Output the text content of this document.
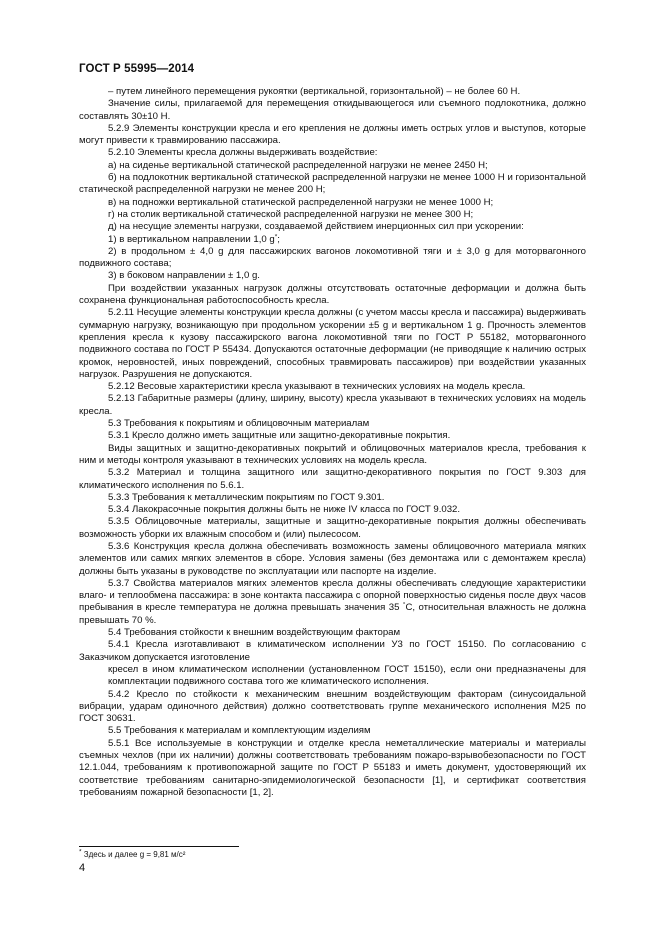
ГОСТ Р 55995—2014

– путем линейного перемещения рукоятки (вертикальной, горизонтальной) – не более 60 Н.

Значение силы, прилагаемой для перемещения откидывающегося или съемного подлокотника, должно составлять 30±10 Н.

5.2.9 Элементы конструкции кресла и его крепления не должны иметь острых углов и выступов, которые могут привести к травмированию пассажира.

5.2.10 Элементы кресла должны выдерживать воздействие:

а) на сиденье вертикальной статической распределенной нагрузки не менее 2450 Н;

б) на подлокотник вертикальной статической распределенной нагрузки не менее 1000 Н и горизонтальной статической распределенной нагрузки не менее 200 Н;

в) на подножки вертикальной статической распределенной нагрузки не менее 1000 Н;

г) на столик вертикальной статической распределенной нагрузки не менее 300 Н;

д) на несущие элементы нагрузки, создаваемой действием инерционных сил при ускорении:

1) в вертикальном направлении 1,0 g*;

2) в продольном ± 4,0 g для пассажирских вагонов локомотивной тяги и ± 3,0 g для моторвагонного подвижного состава;

3) в боковом направлении ± 1,0 g.

При воздействии указанных нагрузок должны отсутствовать остаточные деформации и должна быть сохранена функциональная работоспособность кресла.

5.2.11 Несущие элементы конструкции кресла должны (с учетом массы кресла и пассажира) выдерживать суммарную нагрузку, возникающую при продольном ускорении ±5 g и вертикальном 1 g. Прочность элементов крепления кресла к кузову пассажирского вагона локомотивной тяги по ГОСТ Р 55182, моторвагонного подвижного состава по ГОСТ Р 55434. Допускаются остаточные деформации (не приводящие к наличию острых кромок, неровностей, иных повреждений, способных травмировать пассажиров) при воздействии указанных нагрузок. Разрушения не допускаются.

5.2.12 Весовые характеристики кресла указывают в технических условиях на модель кресла.

5.2.13 Габаритные размеры (длину, ширину, высоту) кресла указывают в технических условиях на модель кресла.

5.3 Требования к покрытиям и облицовочным материалам

5.3.1 Кресло должно иметь защитные или защитно-декоративные покрытия.

Виды защитных и защитно-декоративных покрытий и облицовочных материалов кресла, требования к ним и методы контроля указывают в технических условиях на модель кресла.

5.3.2 Материал и толщина защитного или защитно-декоративного покрытия по ГОСТ 9.303 для климатического исполнения по 5.6.1.

5.3.3 Требования к металлическим покрытиям по ГОСТ 9.301.

5.3.4 Лакокрасочные покрытия должны быть не ниже IV класса по ГОСТ 9.032.

5.3.5 Облицовочные материалы, защитные и защитно-декоративные покрытия должны обеспечивать возможность уборки их влажным способом и (или) пылесосом.

5.3.6 Конструкция кресла должна обеспечивать возможность замены облицовочного материала мягких элементов или самих мягких элементов в сборе. Условия замены (без демонтажа или с демонтажем кресла) должны быть указаны в руководстве по эксплуатации или паспорте на изделие.

5.3.7 Свойства материалов мягких элементов кресла должны обеспечивать следующие характеристики влаго- и теплообмена пассажира: в зоне контакта пассажира с опорной поверхностью сиденья после двух часов пребывания в кресле температура не должна превышать значения 35 °С, относительная влажность не должна превышать 70 %.

5.4 Требования стойкости к внешним воздействующим факторам

5.4.1 Кресла изготавливают в климатическом исполнении У3 по ГОСТ 15150. По согласованию с Заказчиком допускается изготовление

кресел в ином климатическом исполнении (установленном ГОСТ 15150), если они предназначены для комплектации подвижного состава того же климатического исполнения.

5.4.2 Кресло по стойкости к механическим внешним воздействующим факторам (синусоидальной вибрации, ударам одиночного действия) должно соответствовать группе механического исполнения М25 по ГОСТ 30631.

5.5 Требования к материалам и комплектующим изделиям

5.5.1 Все используемые в конструкции и отделке кресла неметаллические материалы и материалы съемных чехлов (при их наличии) должны соответствовать требованиям пожаро-взрывобезопасности по ГОСТ 12.1.044, требованиям к противопожарной защите по ГОСТ Р 55183 и иметь документ, удостоверяющий их соответствие требованиям санитарно-эпидемиологической безопасности [1], и сертификат соответствия требованиям пожарной безопасности [1, 2].

* Здесь и далее g = 9,81 м/с²
4
